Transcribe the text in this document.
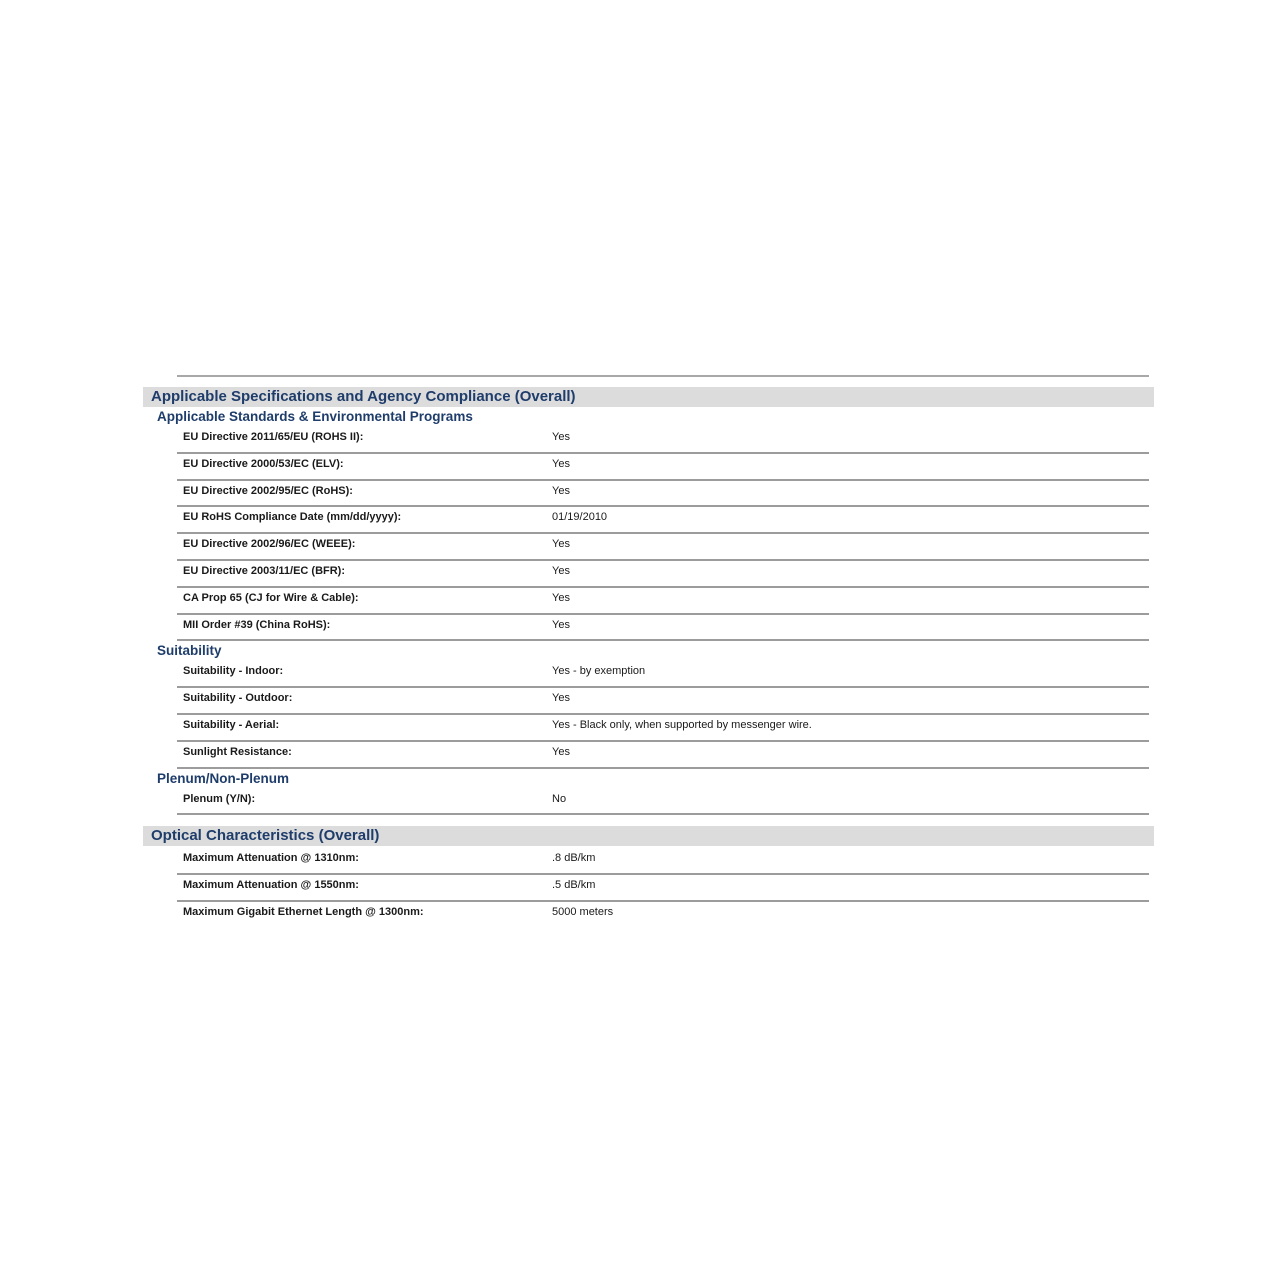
Applicable Specifications and Agency Compliance (Overall)
Applicable Standards & Environmental Programs
EU Directive 2011/65/EU (ROHS II):	Yes
EU Directive 2000/53/EC (ELV):	Yes
EU Directive 2002/95/EC (RoHS):	Yes
EU RoHS Compliance Date (mm/dd/yyyy):	01/19/2010
EU Directive 2002/96/EC (WEEE):	Yes
EU Directive 2003/11/EC (BFR):	Yes
CA Prop 65 (CJ for Wire & Cable):	Yes
MII Order #39 (China RoHS):	Yes
Suitability
Suitability - Indoor:	Yes - by exemption
Suitability - Outdoor:	Yes
Suitability - Aerial:	Yes - Black only, when supported by messenger wire.
Sunlight Resistance:	Yes
Plenum/Non-Plenum
Plenum (Y/N):	No
Optical Characteristics (Overall)
Maximum Attenuation @ 1310nm:	.8 dB/km
Maximum Attenuation @ 1550nm:	.5 dB/km
Maximum Gigabit Ethernet Length @ 1300nm:	5000 meters
